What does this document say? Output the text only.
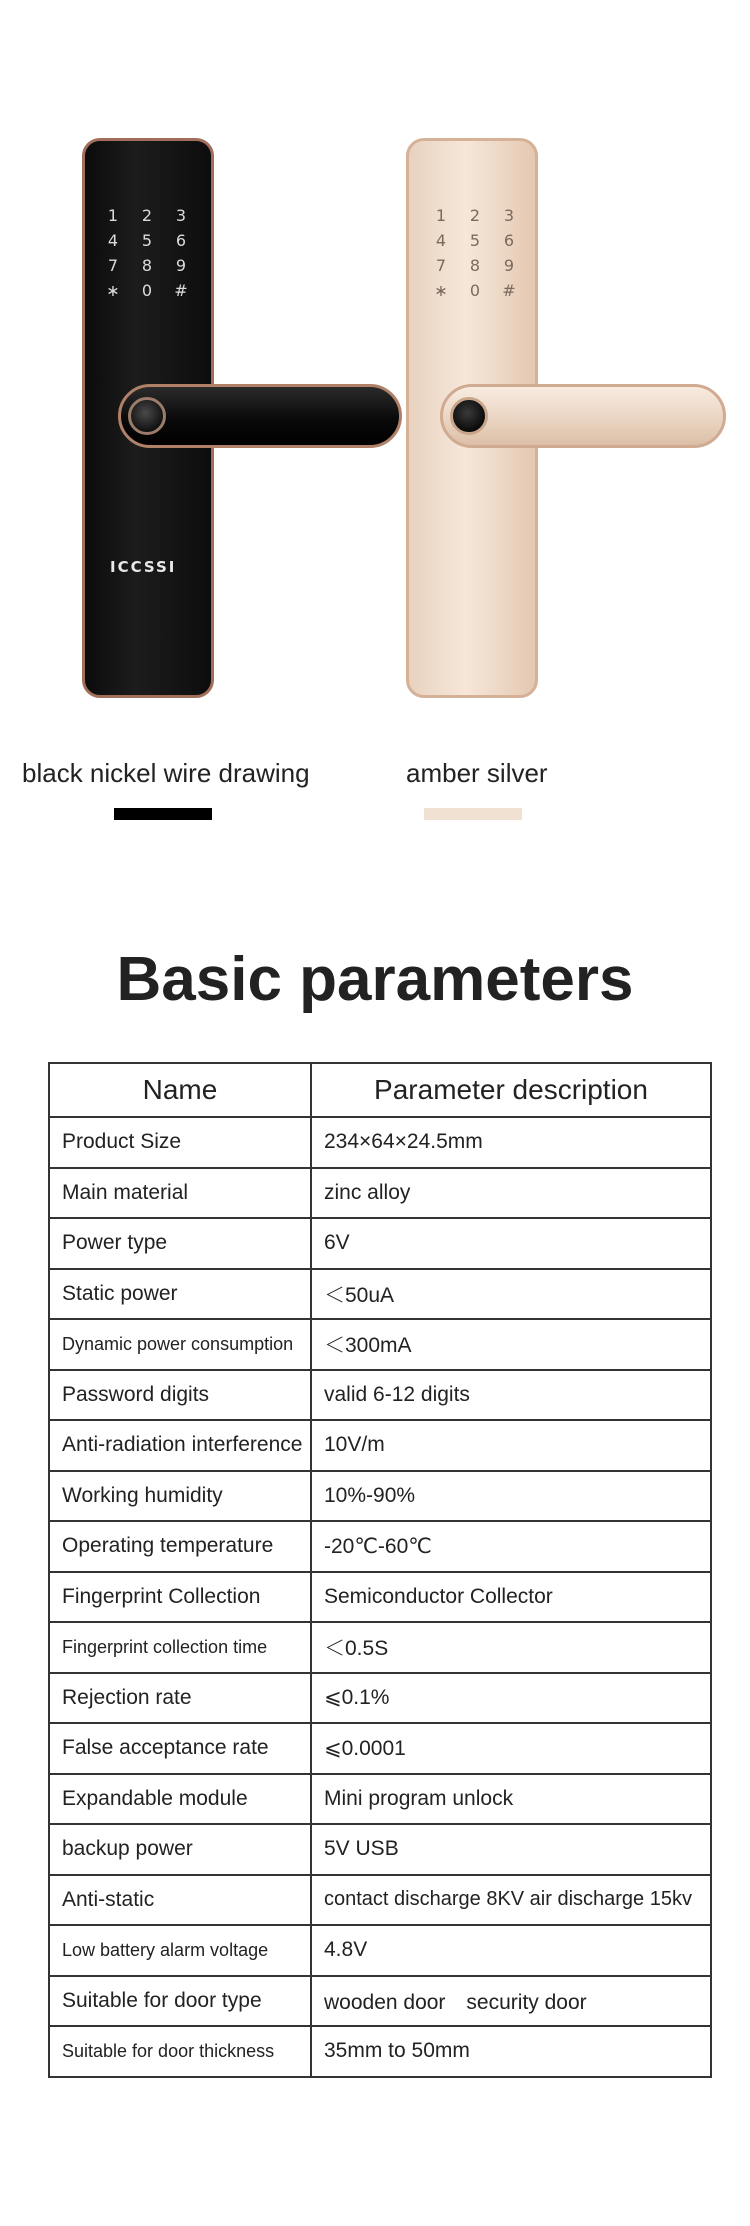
1	2	3
4	5	6
7	8	9
∗	0	#
ICCSSI
1	2	3
4	5	6
7	8	9
∗	0	#
black nickel wire drawing	amber silver
Basic parameters
Name	Parameter description
Product Size	234×64×24.5mm
Main material	zinc alloy
Power type	6V
Static power	＜50uA
Dynamic power consumption	＜300mA
Password digits	valid 6-12 digits
Anti-radiation interference	10V/m
Working humidity	10%-90%
Operating temperature	-20℃-60℃
Fingerprint Collection	Semiconductor Collector
Fingerprint collection time	＜0.5S
Rejection rate	⩽0.1%
False acceptance rate	⩽0.0001
Expandable module	Mini program unlock
backup power	5V USB
Anti-static	contact discharge 8KV air discharge 15kv
Low battery alarm voltage	4.8V
Suitable for door type	wooden door　security door
Suitable for door thickness	35mm to 50mm
